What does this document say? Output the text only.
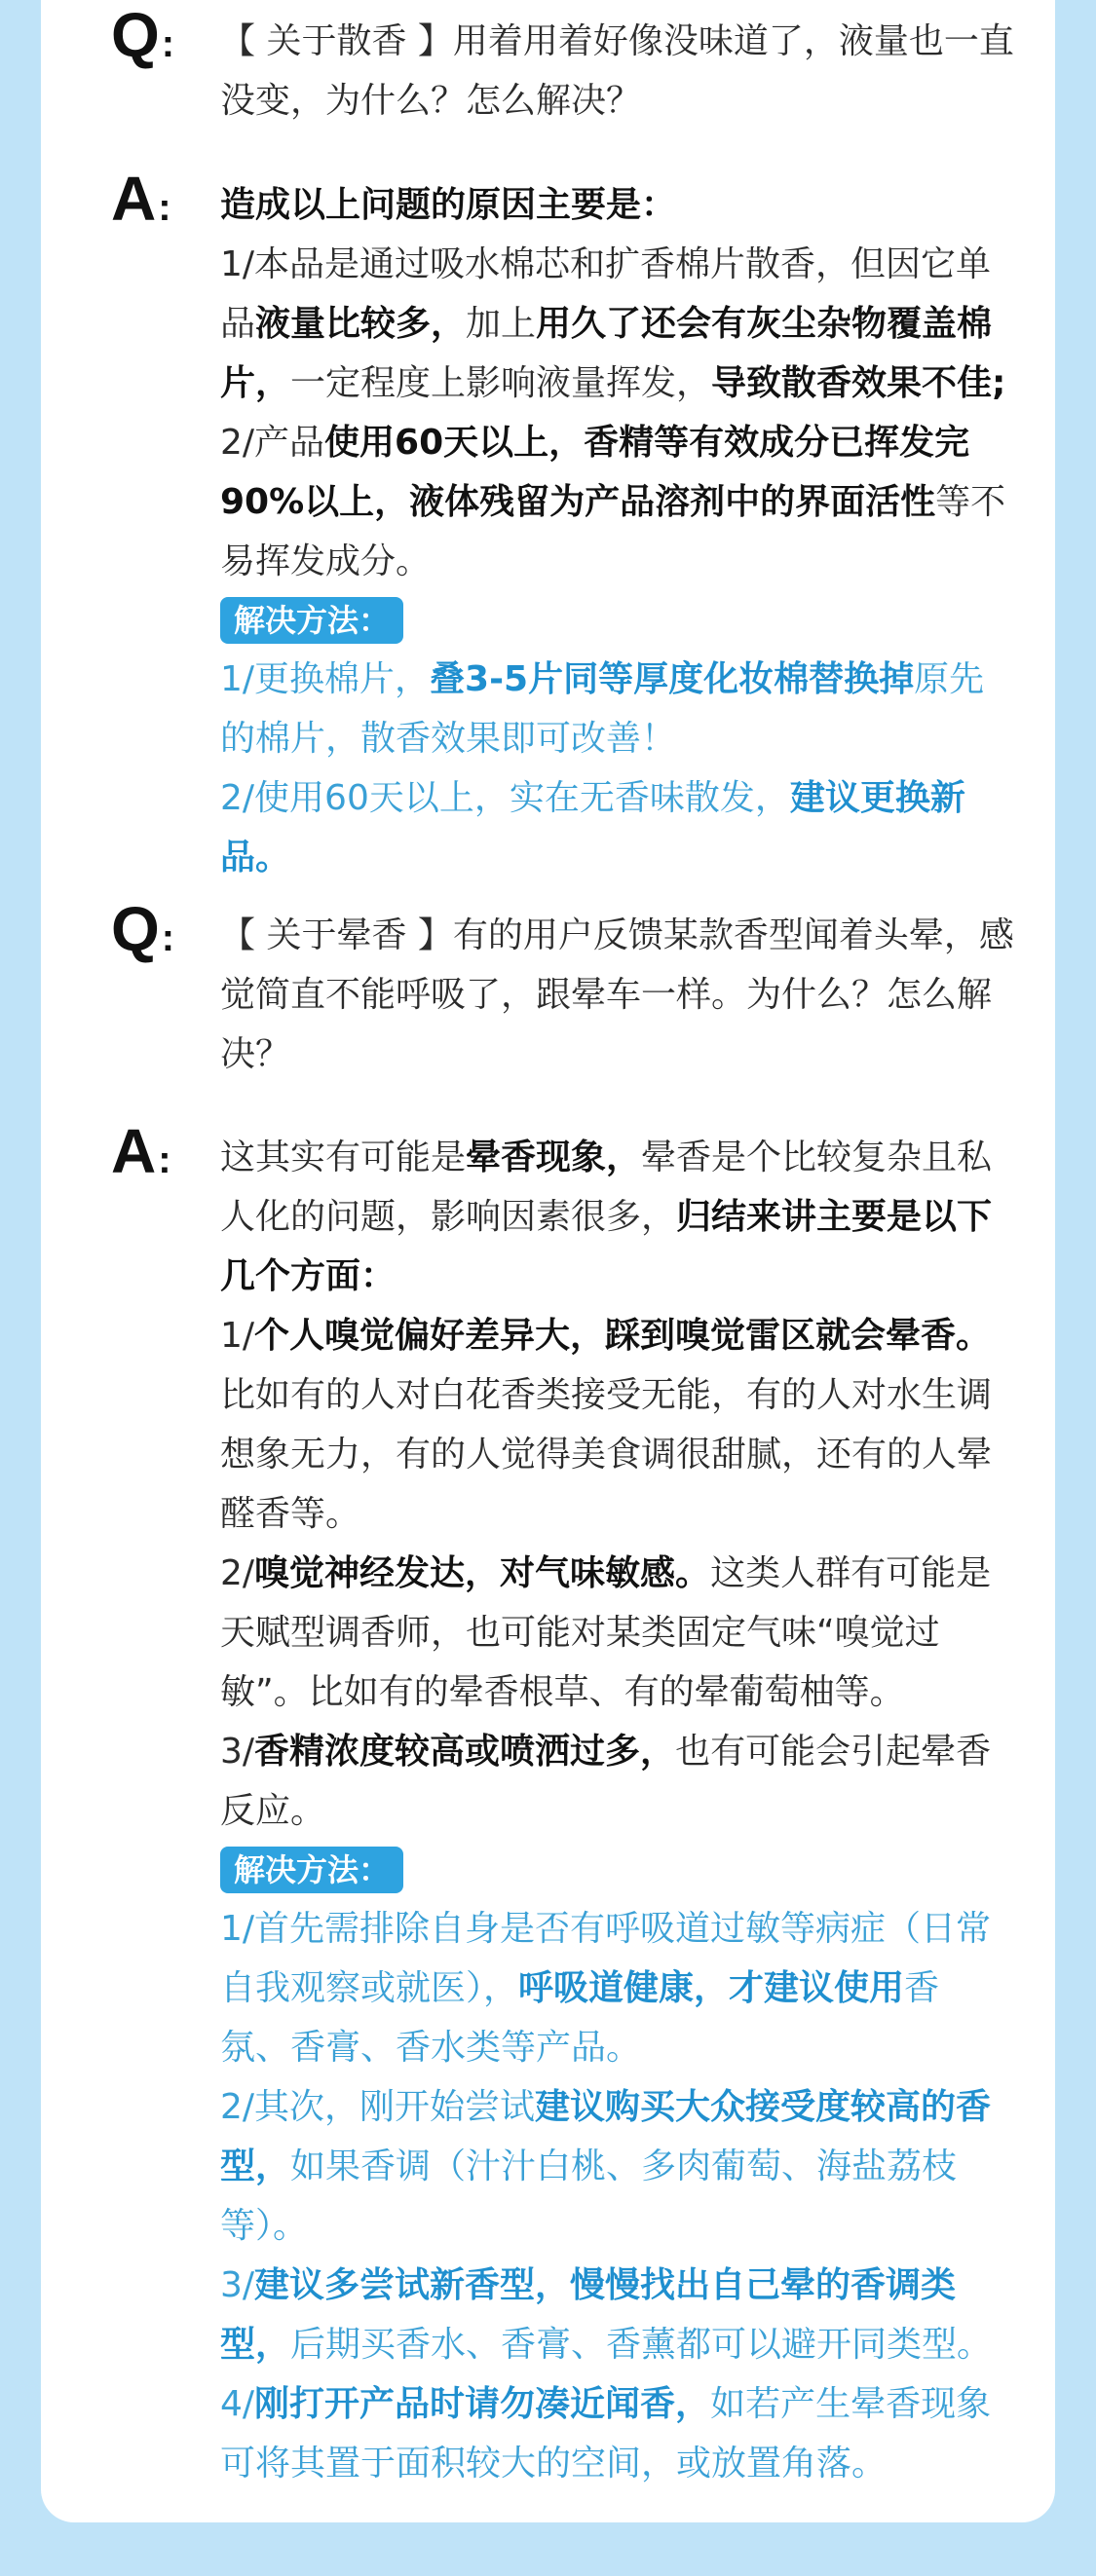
Q: 【 关于散香 】用着用着好像没味道了，液量也一直

没变，为什么？怎么解决？

A: 造成以上问题的原因主要是：

1/本品是通过吸水棉芯和扩香棉片散香，但因它单
品液量比较多，加上用久了还会有灰尘杂物覆盖棉
片，一定程度上影响液量挥发，导致散香效果不佳;

2/产品使用60天以上，香精等有效成分已挥发完
90%以上，液体残留为产品溶剂中的界面活性等不
易挥发成分。

解决方法：

1/更换棉片，叠3-5片同等厚度化妆棉替换掉原先
的棉片，散香效果即可改善！

2/使用60天以上，实在无香味散发，建议更换新
品。

Q: 【 关于晕香 】有的用户反馈某款香型闻着头晕，感

觉简直不能呼吸了，跟晕车一样。为什么？怎么解

决？

A: 这其实有可能是晕香现象，晕香是个比较复杂且私
人化的问题，影响因素很多，归结来讲主要是以下
几个方面：

1/个人嗅觉偏好差异大，踩到嗅觉雷区就会晕香。
比如有的人对白花香类接受无能，有的人对水生调
想象无力，有的人觉得美食调很甜腻，还有的人晕
醛香等。

2/嗅觉神经发达，对气味敏感。这类人群有可能是
天赋型调香师，也可能对某类固定气味“嗅觉过
敏”。比如有的晕香根草、有的晕葡萄柚等。

3/香精浓度较高或喷洒过多，也有可能会引起晕香
反应。

解决方法：

1/首先需排除自身是否有呼吸道过敏等病症（日常
自我观察或就医），呼吸道健康，才建议使用香
氛、香膏、香水类等产品。

2/其次，刚开始尝试建议购买大众接受度较高的香
型，如果香调（汁汁白桃、多肉葡萄、海盐荔枝
等）。

3/建议多尝试新香型，慢慢找出自己晕的香调类
型，后期买香水、香膏、香薰都可以避开同类型。

4/刚打开产品时请勿凑近闻香，如若产生晕香现象
可将其置于面积较大的空间，或放置角落。
